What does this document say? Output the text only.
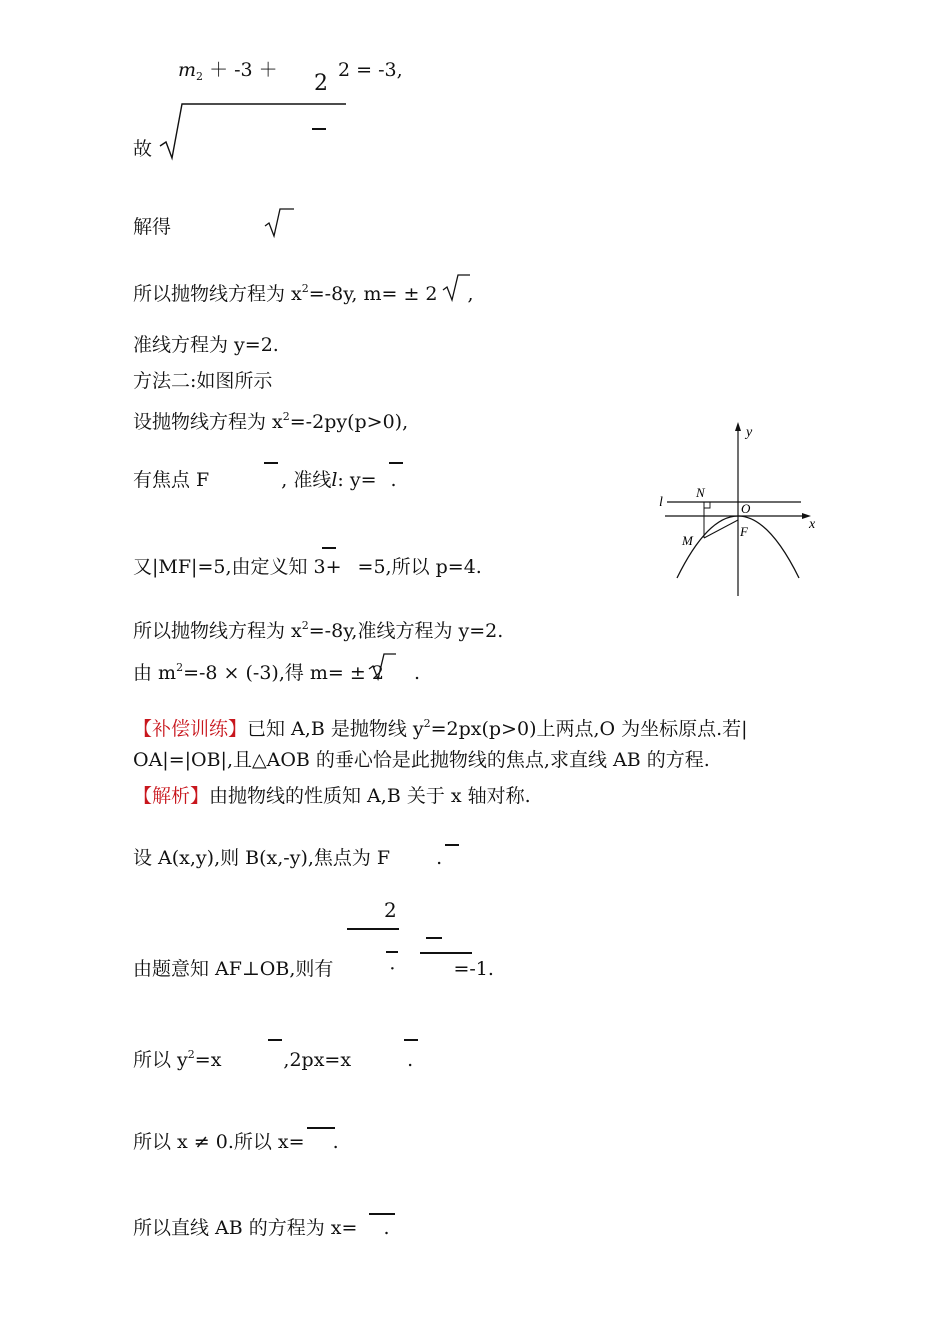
$m_2$ ＋ ‐3 ＋
2
2 = ‐3,
故
解得
所以抛物线方程为 $x^2=-8y$, m= ± 2 ,
准线方程为 y=2.
方法二:如图所示
设抛物线方程为 $x^2=-2py(p>0)$,
有焦点 F	, 准线l: y= .
又|MF|=5,由定义知 3+ =5,所以 p=4.
所以抛物线方程为 $x^2=-8y$,准线方程为 y=2.
由 $m^2=-8 \times (-3)$,得 m= ± 2 .
【补偿训练】已知 A,B 是抛物线 $y^2=2px(p>0)$上两点,O 为坐标原点.若|
OA|=|OB|,且△AOB 的垂心恰是此抛物线的焦点,求直线 AB 的方程.
【解析】由抛物线的性质知 A,B 关于 x 轴对称.
设 A(x,y),则 B(x,-y),焦点为 F .
2
由题意知 AF⊥OB,则有	·	=-1.
所以 $y^2=x$	,2px=x	.
所以 x ≠ 0.所以 x= .
所以直线 AB 的方程为 x= .
y
x
l
N
O
M
F
